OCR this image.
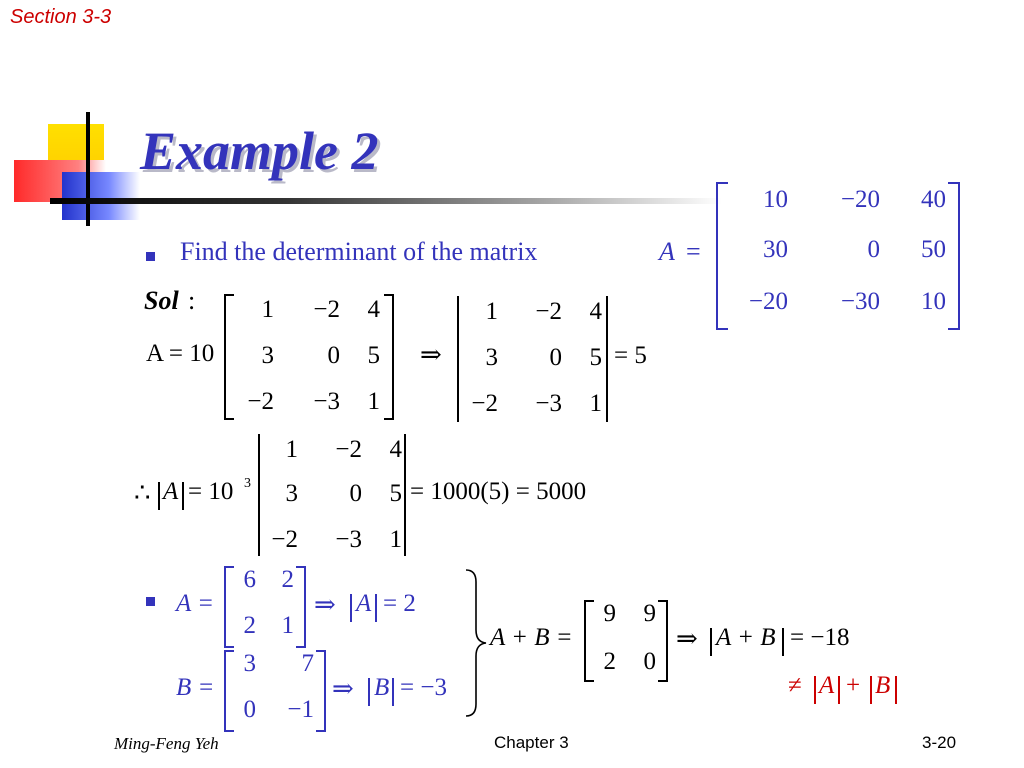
Section 3-3
Example 2
Find the determinant of the matrix	A =
10	−20	40
30	0	50
−20	−30	10
Sol :
A = 10
1	−2	4
3	0	5
−2	−3	1
⇒
1	−2	4
3	0	5
−2	−3	1
= 5
∴ A = 10 3
1	−2	4
3	0	5
−2	−3	1
= 1000(5) = 5000
A =
6	2
2	1
⇒ A = 2
B =
3	7
0	−1
⇒ B = −3
A + B =
9	9
2	0
⇒ A + B = −18
≠ A + B
Ming-Feng Yeh	Chapter 3	3-20
